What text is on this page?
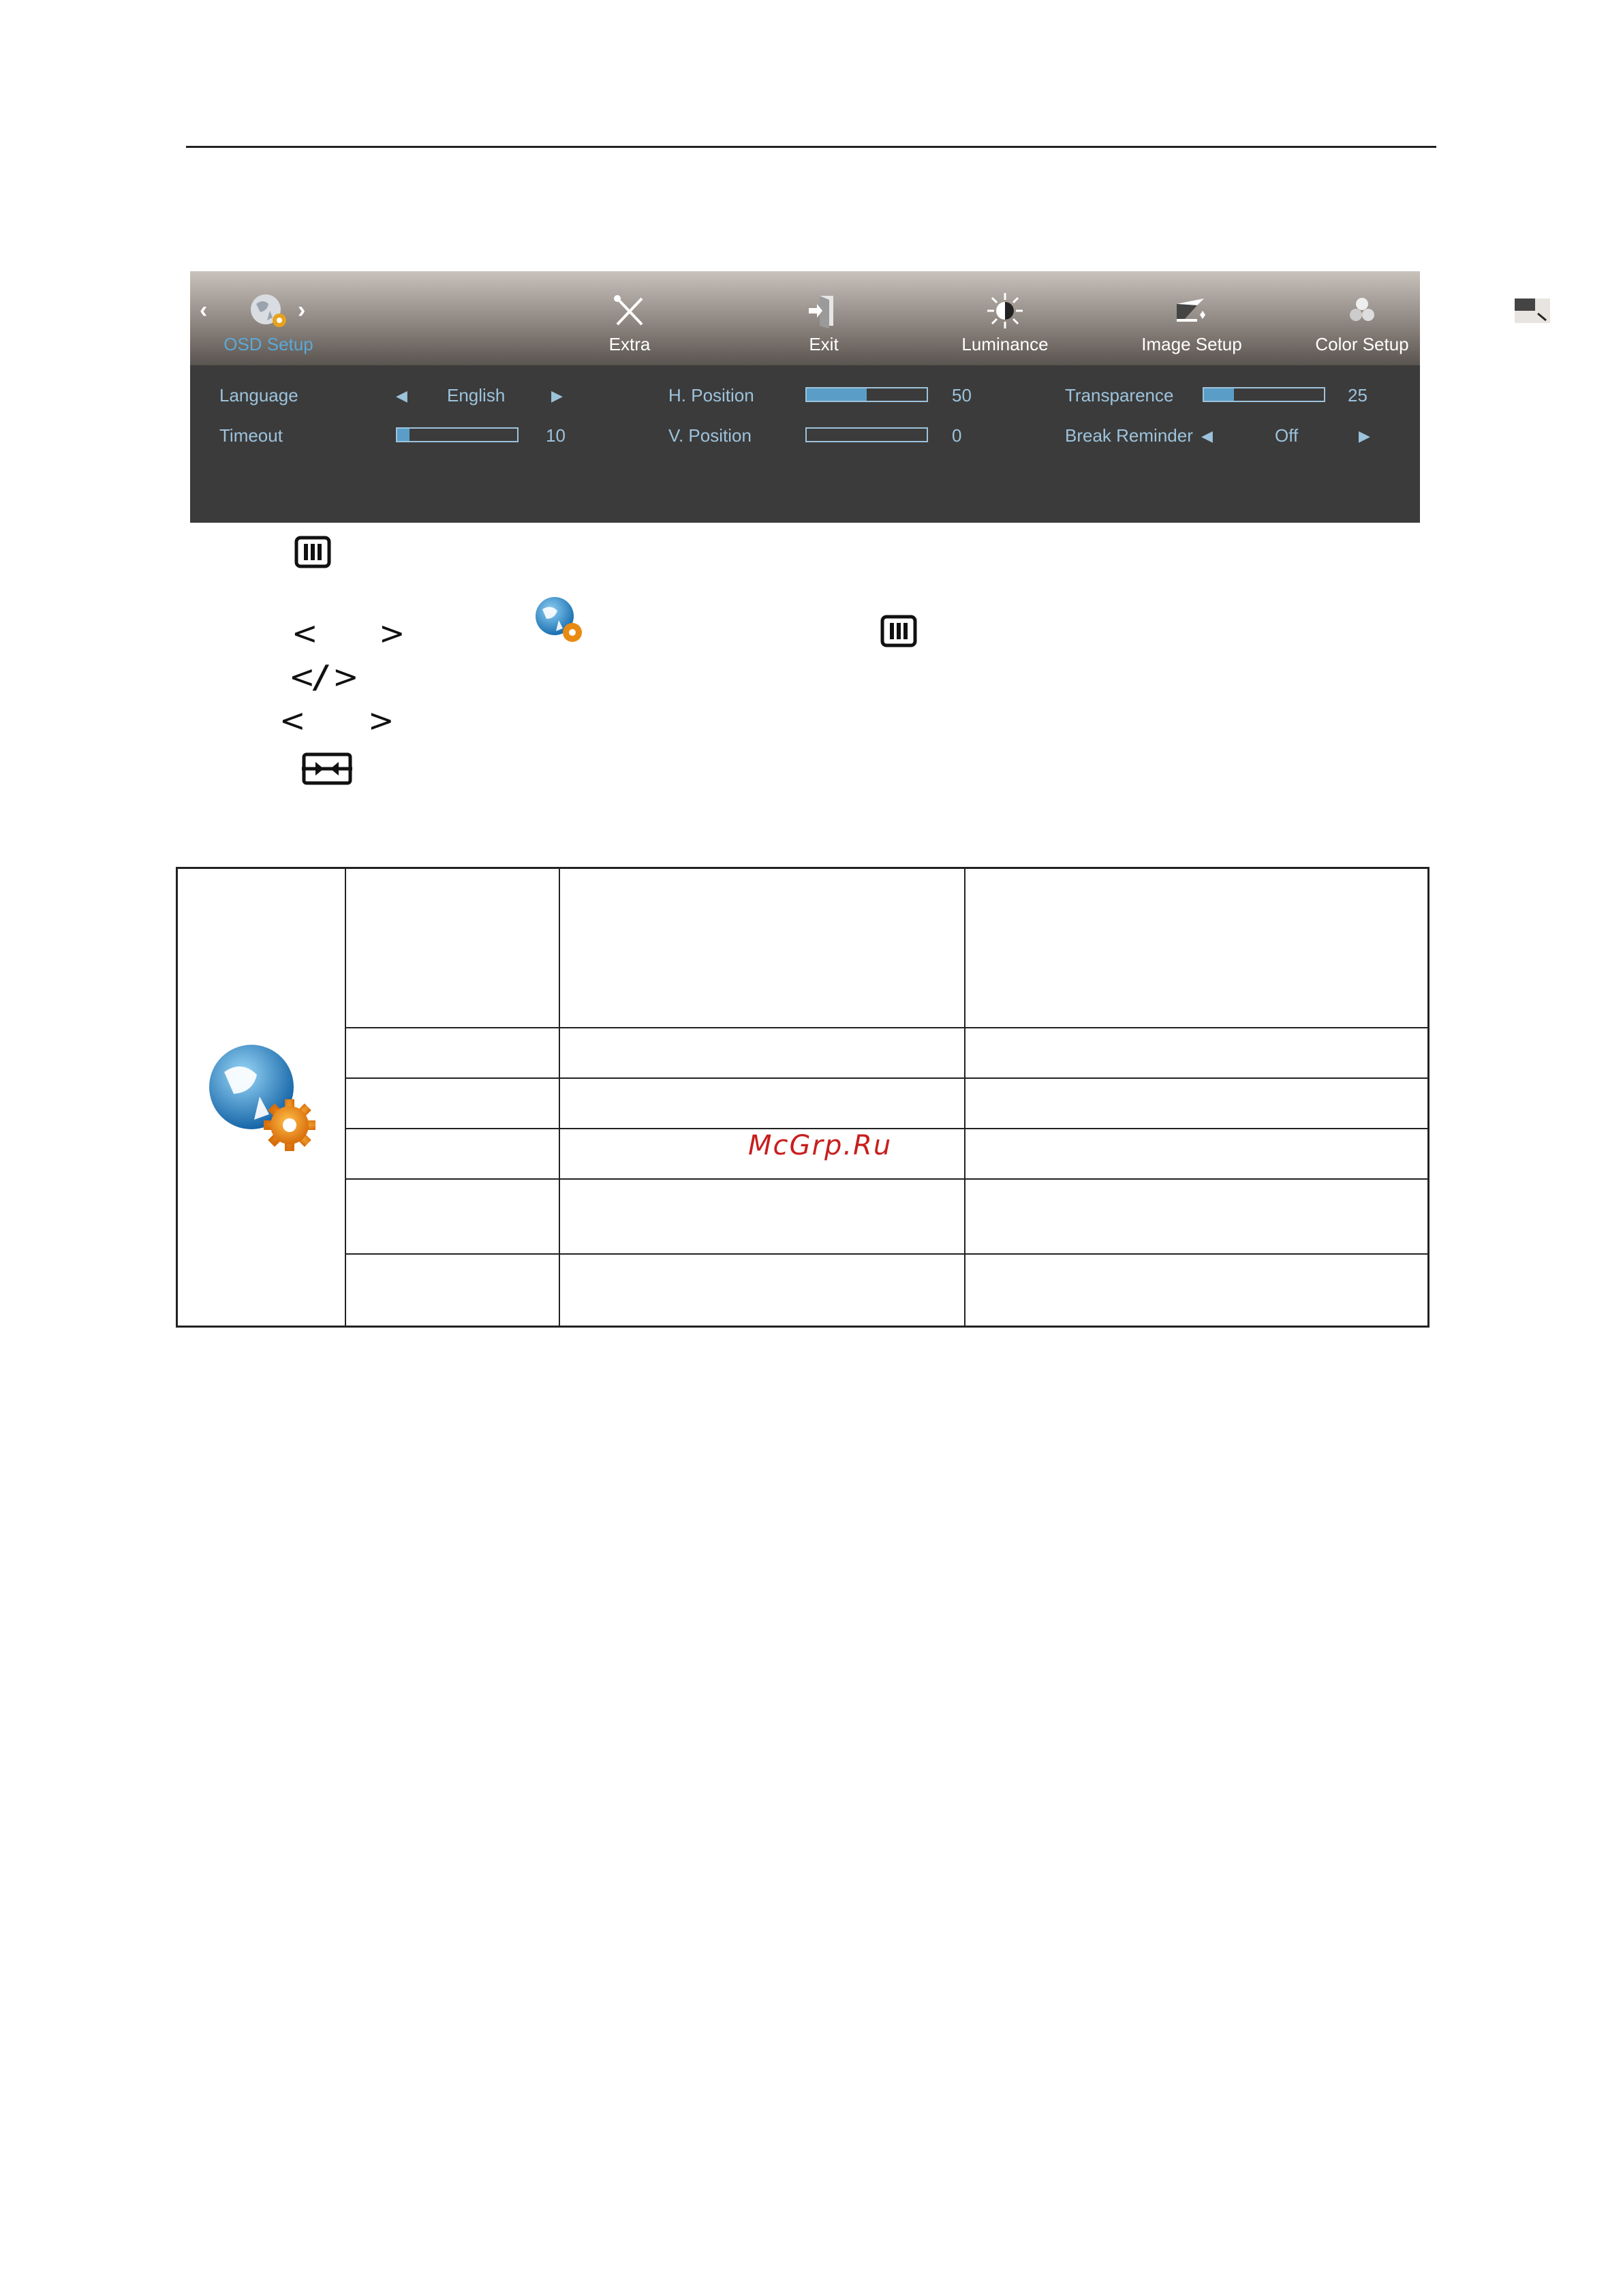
‹	›
OSD Setup	Extra	Exit	Luminance	Image Setup	Color Setup	Picture Boost
Language	◀ English	▶	H. Position	50	Transparence	25
Timeout	10	V. Position	0	Break Reminder ◀	Off	▶
< >
< / >
< >
McGrp.Ru
